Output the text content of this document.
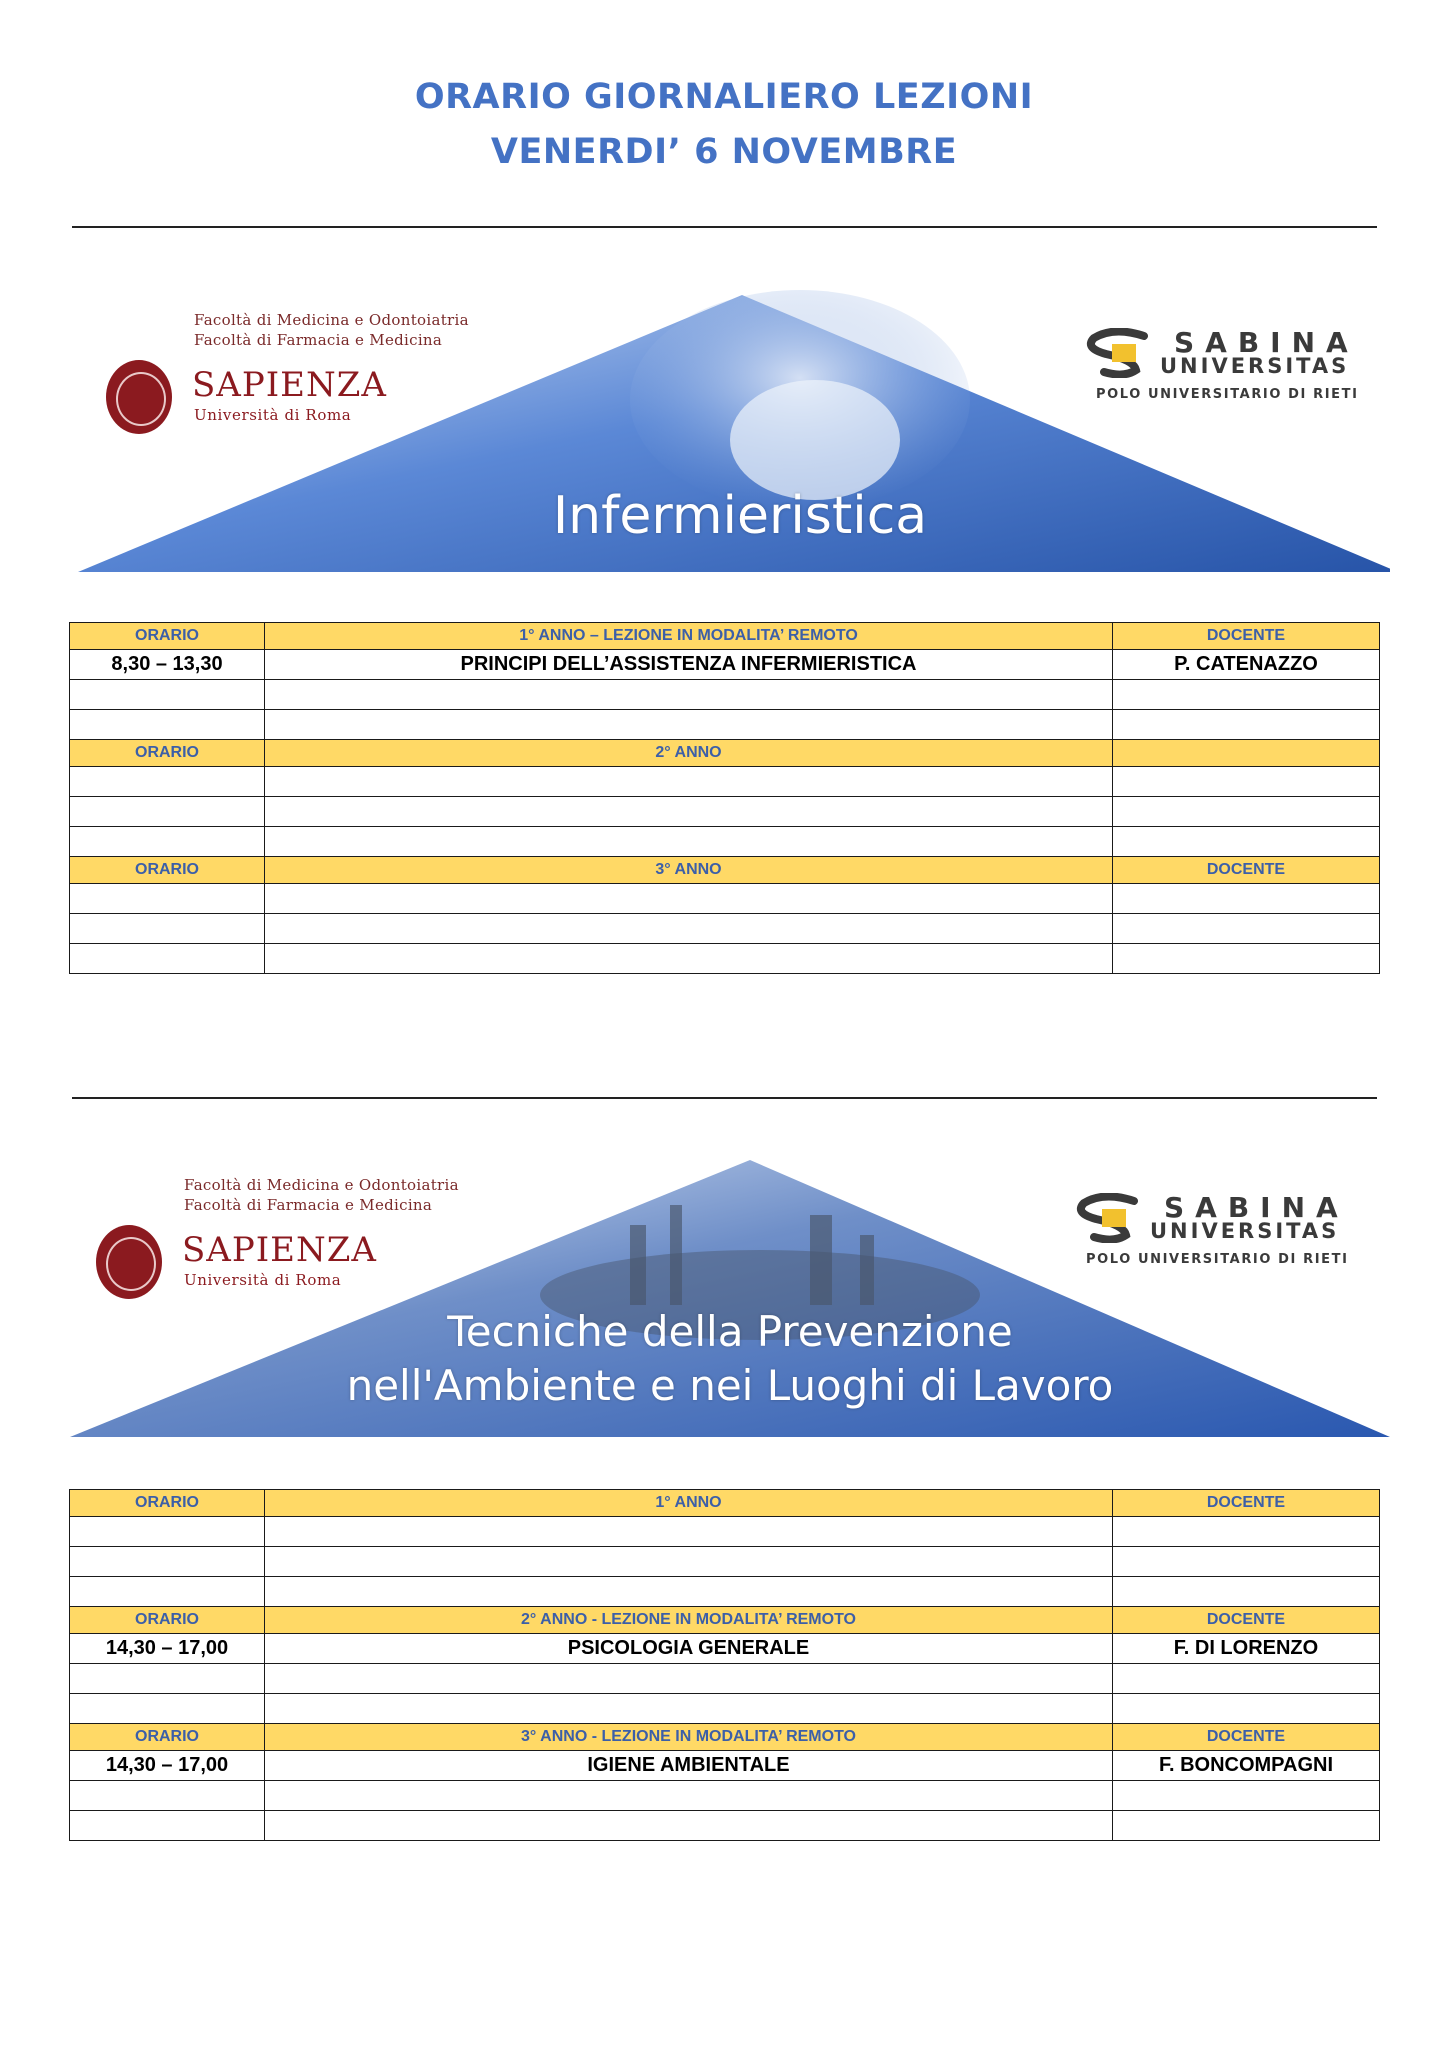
ORARIO GIORNALIERO LEZIONI
VENERDI’ 6 NOVEMBRE
Facoltà di Medicina e Odontoiatria
Facoltà di Farmacia e Medicina
SAPIENZA
Università di Roma
SABINA
UNIVERSITAS
POLO UNIVERSITARIO DI RIETI
Infermieristica
ORARIO	1° ANNO – LEZIONE IN MODALITA’ REMOTO	DOCENTE
8,30 – 13,30	PRINCIPI DELL’ASSISTENZA INFERMIERISTICA	P. CATENAZZO

ORARIO	2° ANNO	

ORARIO	3° ANNO	DOCENTE

Facoltà di Medicina e Odontoiatria
Facoltà di Farmacia e Medicina
SAPIENZA
Università di Roma
SABINA
UNIVERSITAS
POLO UNIVERSITARIO DI RIETI
Tecniche della Prevenzione
nell'Ambiente e nei Luoghi di Lavoro
ORARIO	1° ANNO	DOCENTE

ORARIO	2° ANNO - LEZIONE IN MODALITA’ REMOTO	DOCENTE
14,30 – 17,00	PSICOLOGIA GENERALE	F. DI LORENZO

ORARIO	3° ANNO - LEZIONE IN MODALITA’ REMOTO	DOCENTE
14,30 – 17,00	IGIENE AMBIENTALE	F. BONCOMPAGNI
